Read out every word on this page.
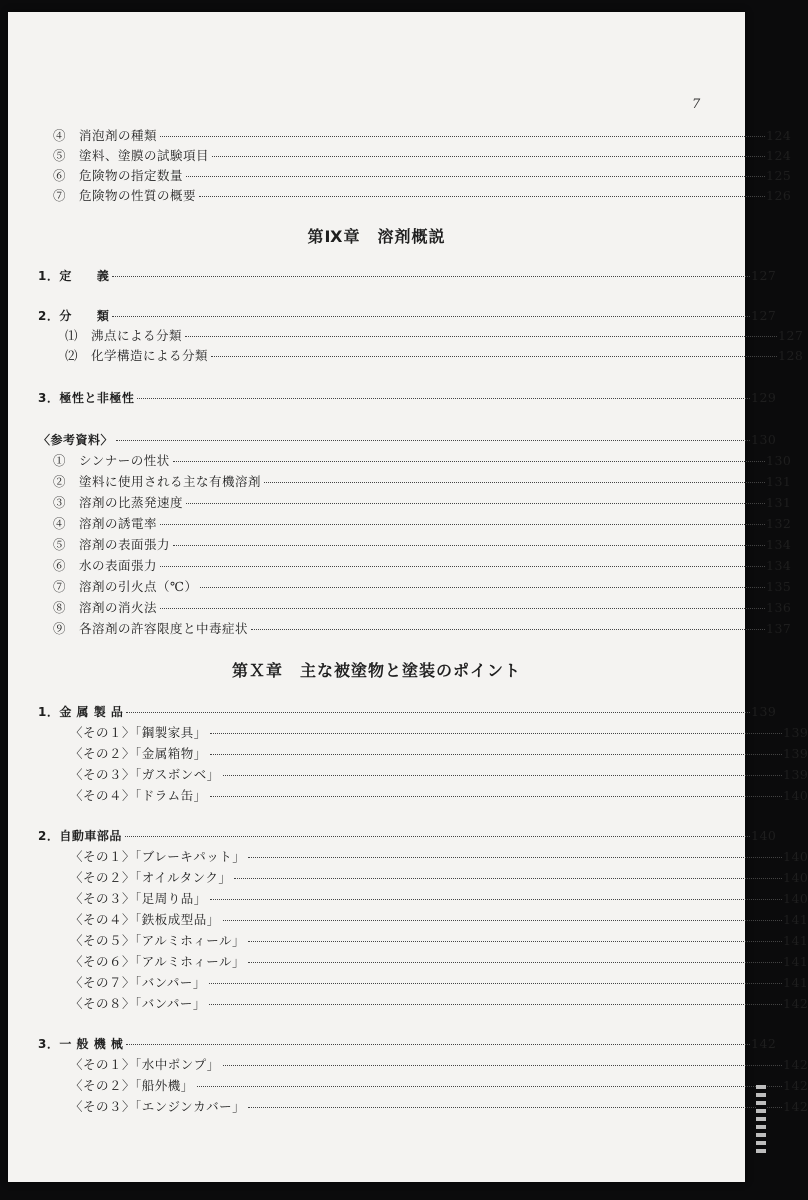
7
④　消泡剤の種類	124
⑤　塗料、塗膜の試験項目	124
⑥　危険物の指定数量	125
⑦　危険物の性質の概要	126
第Ⅸ章　溶剤概説
1．定　　義	127
2．分　　類	127
⑴　沸点による分類	127
⑵　化学構造による分類	128
3．極性と非極性	129
〈参考資料〉	130
①　シンナーの性状	130
②　塗料に使用される主な有機溶剤	131
③　溶剤の比蒸発速度	131
④　溶剤の誘電率	132
⑤　溶剤の表面張力	134
⑥　水の表面張力	134
⑦　溶剤の引火点（℃）	135
⑧　溶剤の消火法	136
⑨　各溶剤の許容限度と中毒症状	137
第Ｘ章　主な被塗物と塗装のポイント
1．金 属 製 品	139
〈その１〉「鋼製家具」	139
〈その２〉「金属箱物」	139
〈その３〉「ガスボンベ」	139
〈その４〉「ドラム缶」	140
2．自動車部品	140
〈その１〉「ブレーキパット」	140
〈その２〉「オイルタンク」	140
〈その３〉「足周り品」	140
〈その４〉「鉄板成型品」	141
〈その５〉「アルミホィール」	141
〈その６〉「アルミホィール」	141
〈その７〉「バンパー」	141
〈その８〉「バンパー」	142
3．一 般 機 械	142
〈その１〉「水中ポンプ」	142
〈その２〉「船外機」	142
〈その３〉「エンジンカバー」	142
